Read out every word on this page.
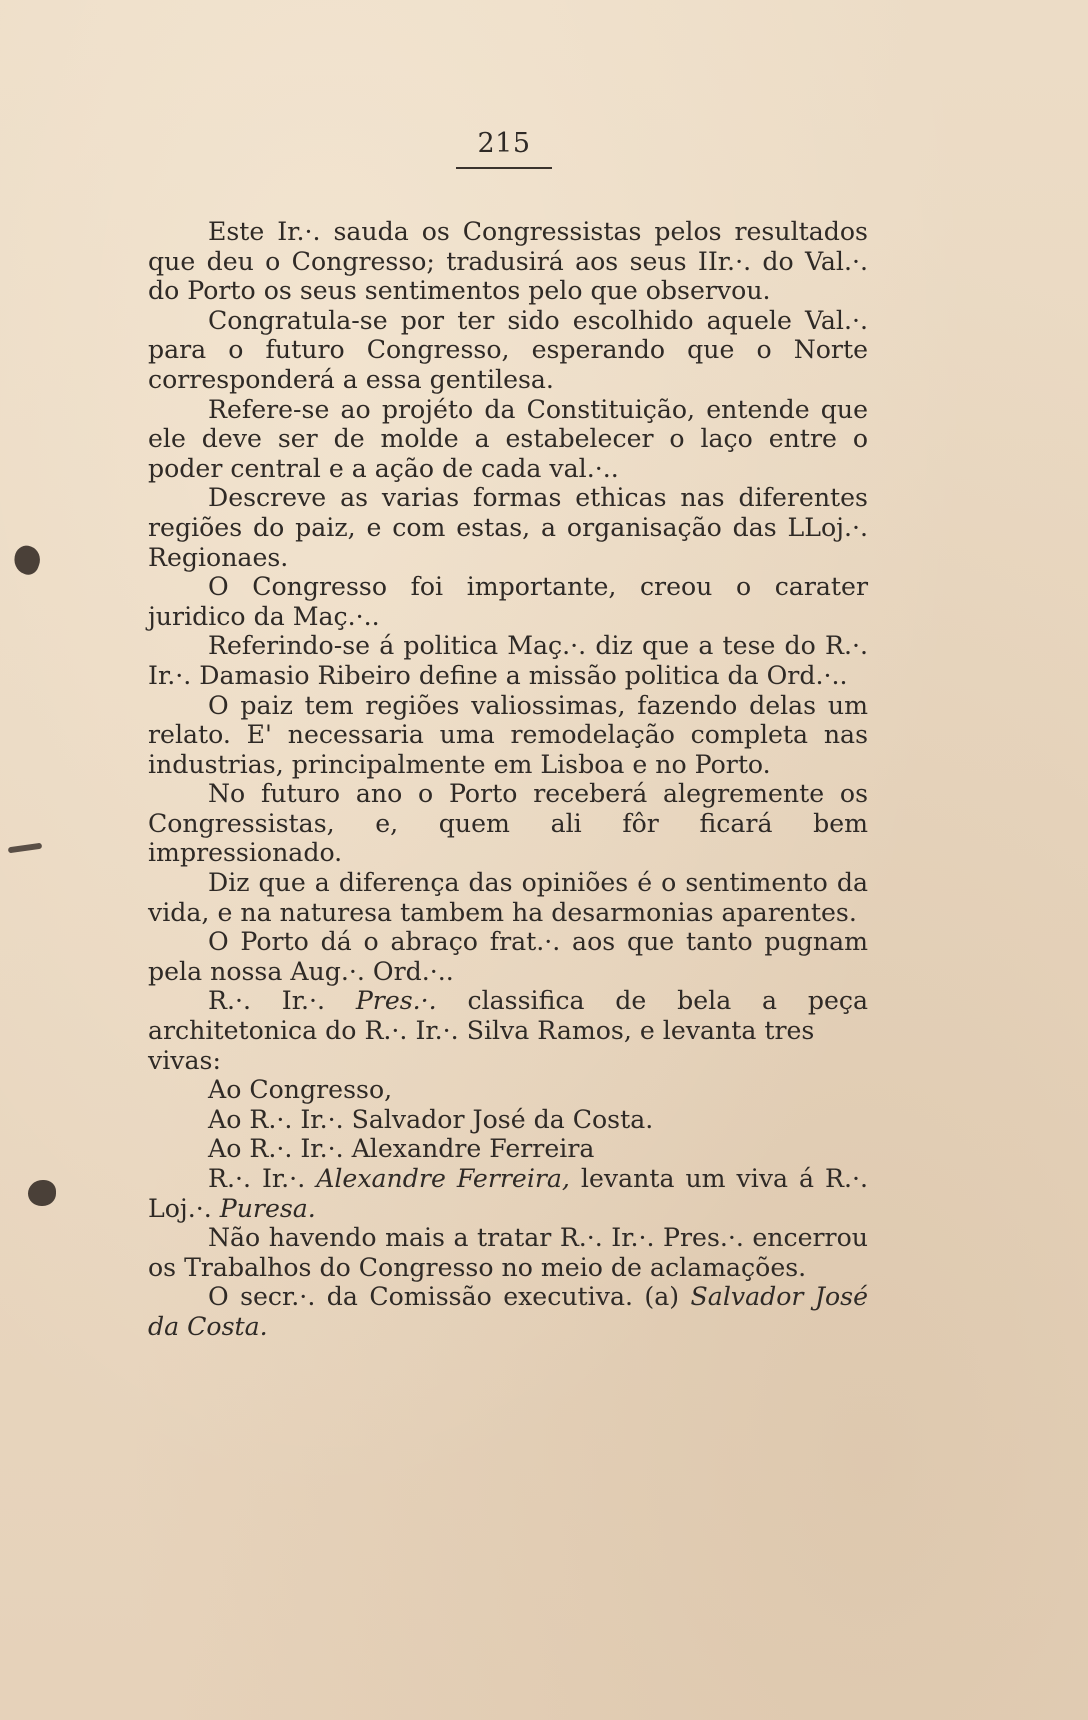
215

Este Ir.·. sauda os Congressistas pelos resultados que deu o Congresso; tradusirá aos seus IIr.·. do Val.·. do Porto os seus sentimentos pelo que observou.

Congratula-se por ter sido escolhido aquele Val.·. para o futuro Congresso, esperando que o Norte corresponderá a essa gentilesa.

Refere-se ao projéto da Constituição, entende que ele deve ser de molde a estabelecer o laço entre o poder central e a ação de cada val.·..

Descreve as varias formas ethicas nas diferentes regiões do paiz, e com estas, a organisação das LLoj.·. Regionaes.

O Congresso foi importante, creou o carater juridico da Maç.·..

Referindo-se á politica Maç.·. diz que a tese do R.·. Ir.·. Damasio Ribeiro define a missão politica da Ord.·..

O paiz tem regiões valiossimas, fazendo delas um relato. E' necessaria uma remodelação completa nas industrias, principalmente em Lisboa e no Porto.

No futuro ano o Porto receberá alegremente os Congressistas, e, quem ali fôr ficará bem impressionado.

Diz que a diferença das opiniões é o sentimento da vida, e na naturesa tambem ha desarmonias aparentes.

O Porto dá o abraço frat.·. aos que tanto pugnam pela nossa Aug.·. Ord.·..

R.·. Ir.·. Pres.·. classifica de bela a peça architetonica do R.·. Ir.·. Silva Ramos, e levanta tres

vivas:

Ao Congresso,

Ao R.·. Ir.·. Salvador José da Costa.

Ao R.·. Ir.·. Alexandre Ferreira

R.·. Ir.·. Alexandre Ferreira, levanta um viva á R.·. Loj.·. Puresa.

Não havendo mais a tratar R.·. Ir.·. Pres.·. encerrou os Trabalhos do Congresso no meio de aclamações.

O secr.·. da Comissão executiva. (a) Salvador José da Costa.
